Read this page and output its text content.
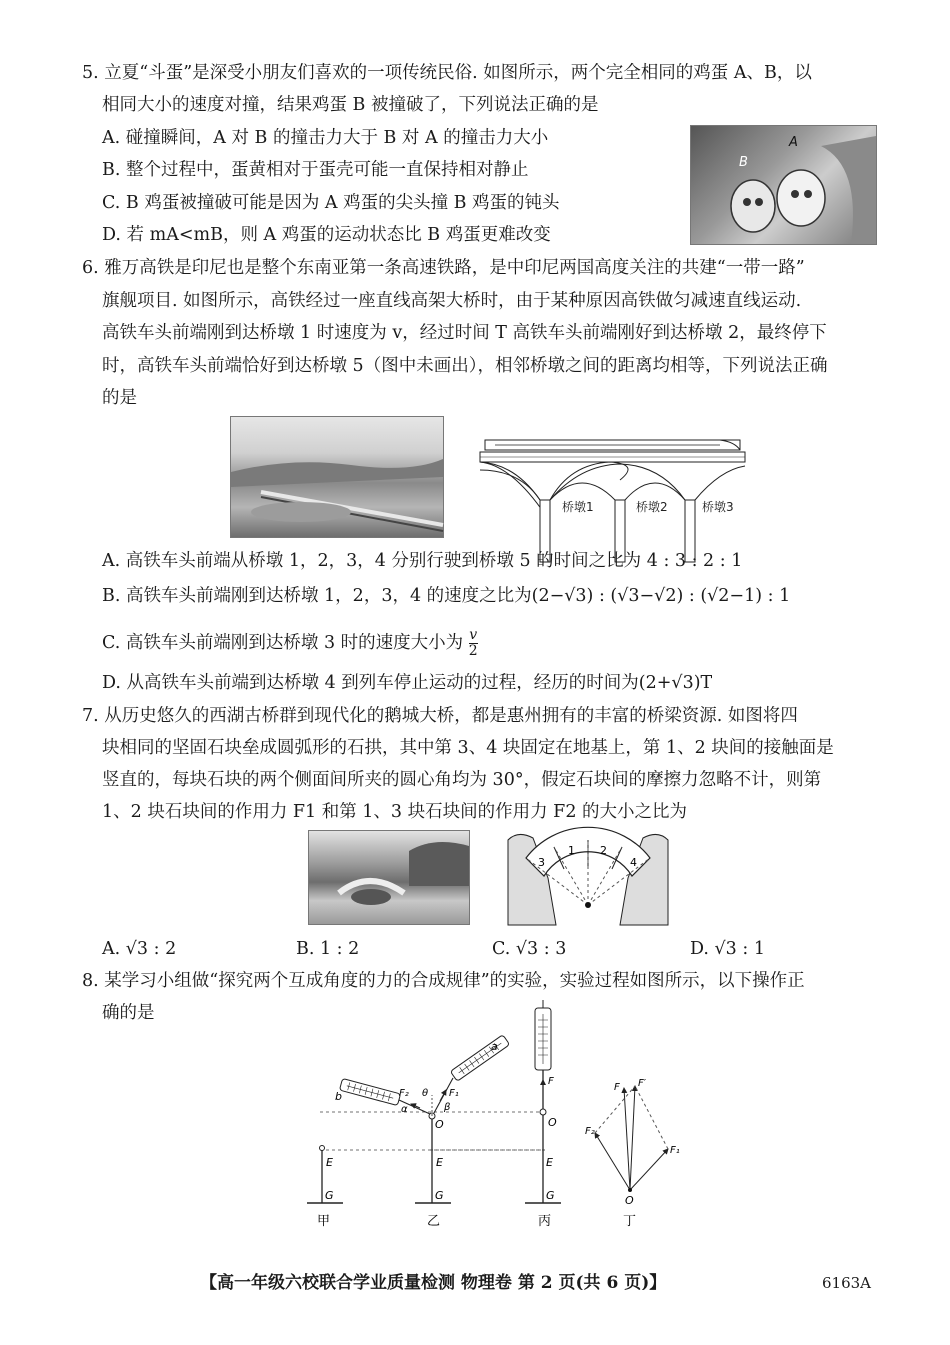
5. 立夏“斗蛋”是深受小朋友们喜欢的一项传统民俗. 如图所示，两个完全相同的鸡蛋 A、B，以
相同大小的速度对撞，结果鸡蛋 B 被撞破了，下列说法正确的是
A. 碰撞瞬间，A 对 B 的撞击力大于 B 对 A 的撞击力大小
B. 整个过程中，蛋黄相对于蛋壳可能一直保持相对静止
C. B 鸡蛋被撞破可能是因为 A 鸡蛋的尖头撞 B 鸡蛋的钝头
D. 若 mA<mB，则 A 鸡蛋的运动状态比 B 鸡蛋更难改变
B
A
6. 雅万高铁是印尼也是整个东南亚第一条高速铁路，是中印尼两国高度关注的共建“一带一路”
旗舰项目. 如图所示，高铁经过一座直线高架大桥时，由于某种原因高铁做匀减速直线运动.
高铁车头前端刚到达桥墩 1 时速度为 v，经过时间 T 高铁车头前端刚好到达桥墩 2，最终停下
时，高铁车头前端恰好到达桥墩 5（图中未画出），相邻桥墩之间的距离均相等，下列说法正确
的是
桥墩1	桥墩2	桥墩3
A. 高铁车头前端从桥墩 1，2，3，4 分别行驶到桥墩 5 的时间之比为 4 : 3 : 2 : 1
B. 高铁车头前端刚到达桥墩 1，2，3，4 的速度之比为(2−√3) : (√3−√2) : (√2−1) : 1
C. 高铁车头前端刚到达桥墩 3 时的速度大小为 $\frac{v}{2}$
D. 从高铁车头前端到达桥墩 4 到列车停止运动的过程，经历的时间为(2+√3)T
7. 从历史悠久的西湖古桥群到现代化的鹅城大桥，都是惠州拥有的丰富的桥梁资源. 如图将四
块相同的坚固石块垒成圆弧形的石拱，其中第 3、4 块固定在地基上，第 1、2 块间的接触面是
竖直的，每块石块的两个侧面间所夹的圆心角均为 30°，假定石块间的摩擦力忽略不计，则第
1、2 块石块间的作用力 F1 和第 1、3 块石块间的作用力 F2 的大小之比为
3
1 2
4
A. √3 : 2	B. 1 : 2	C. √3 : 3	D. √3 : 1
8. 某学习小组做“探究两个互成角度的力的合成规律”的实验，实验过程如图所示，以下操作正
确的是
E
G
甲
b
a
F₂	F₁
θ
α	β
O
E
G
乙
F
O
E
G
丙
F F′
F₂
F₁
O
丁
【高一年级六校联合学业质量检测 物理卷 第 2 页(共 6 页)】	6163A
